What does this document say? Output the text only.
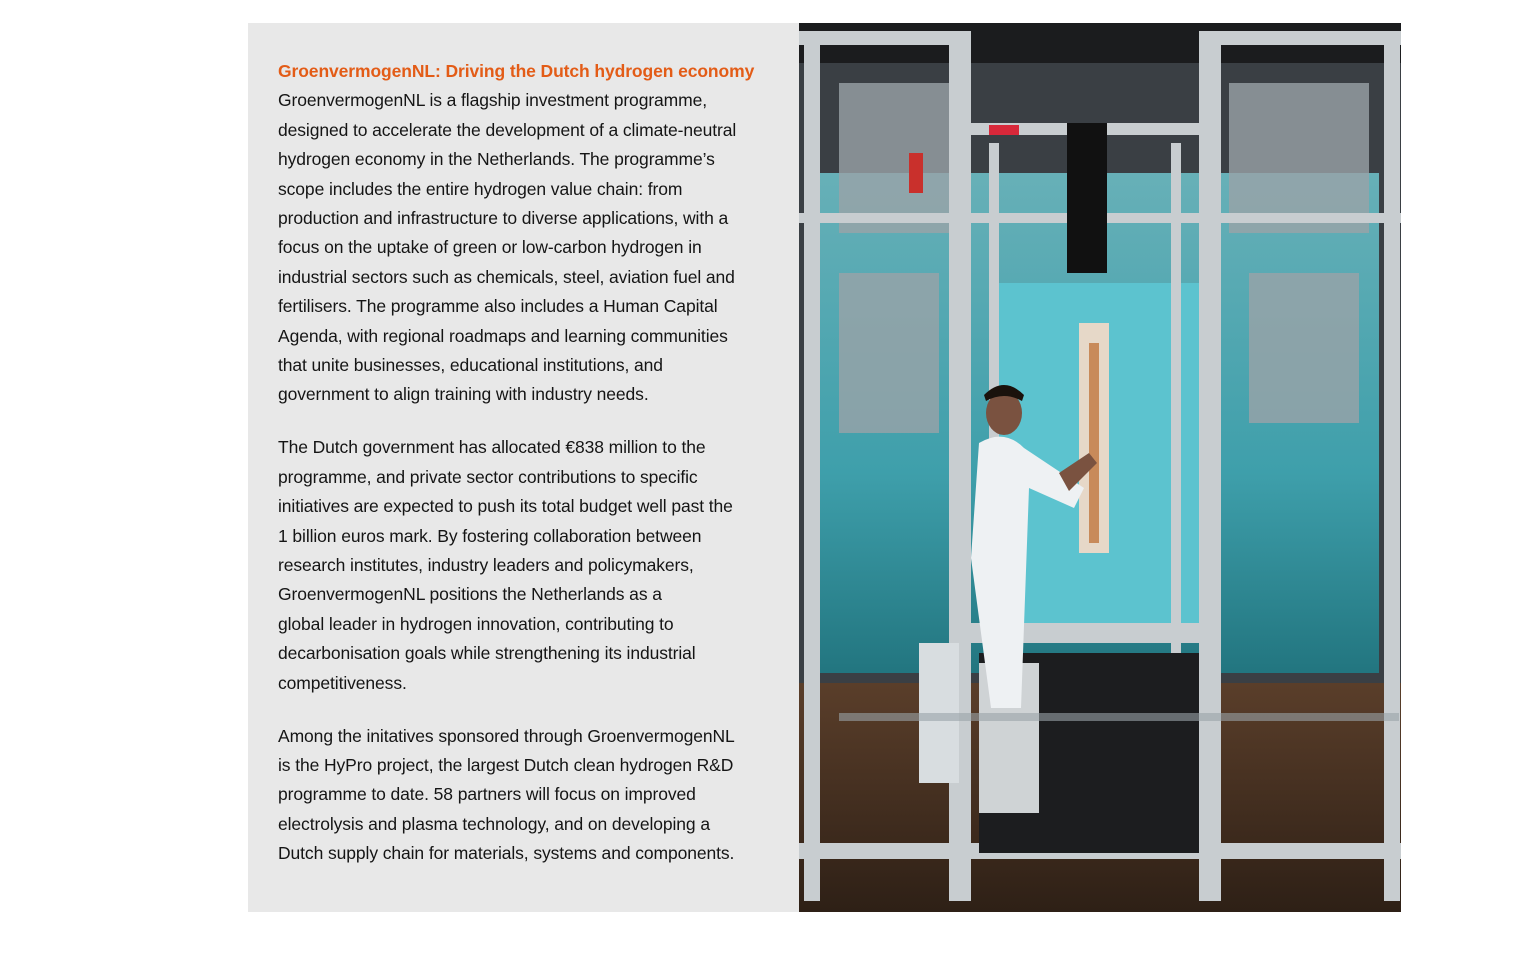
GroenvermogenNL: Driving the Dutch hydrogen economy
GroenvermogenNL is a flagship investment programme,
designed to accelerate the development of a climate-neutral
hydrogen economy in the Netherlands. The programme’s
scope includes the entire hydrogen value chain: from
production and infrastructure to diverse applications, with a
focus on the uptake of green or low-carbon hydrogen in
industrial sectors such as chemicals, steel, aviation fuel and
fertilisers. The programme also includes a Human Capital
Agenda, with regional roadmaps and learning communities
that unite businesses, educational institutions, and
government to align training with industry needs.
The Dutch government has allocated €838 million to the
programme, and private sector contributions to specific
initiatives are expected to push its total budget well past the
1 billion euros mark. By fostering collaboration between
research institutes, industry leaders and policymakers,
GroenvermogenNL positions the Netherlands as a
global leader in hydrogen innovation, contributing to
decarbonisation goals while strengthening its industrial
competitiveness.
Among the initatives sponsored through GroenvermogenNL
is the HyPro project, the largest Dutch clean hydrogen R&D
programme to date. 58 partners will focus on improved
electrolysis and plasma technology, and on developing a
Dutch supply chain for materials, systems and components.
